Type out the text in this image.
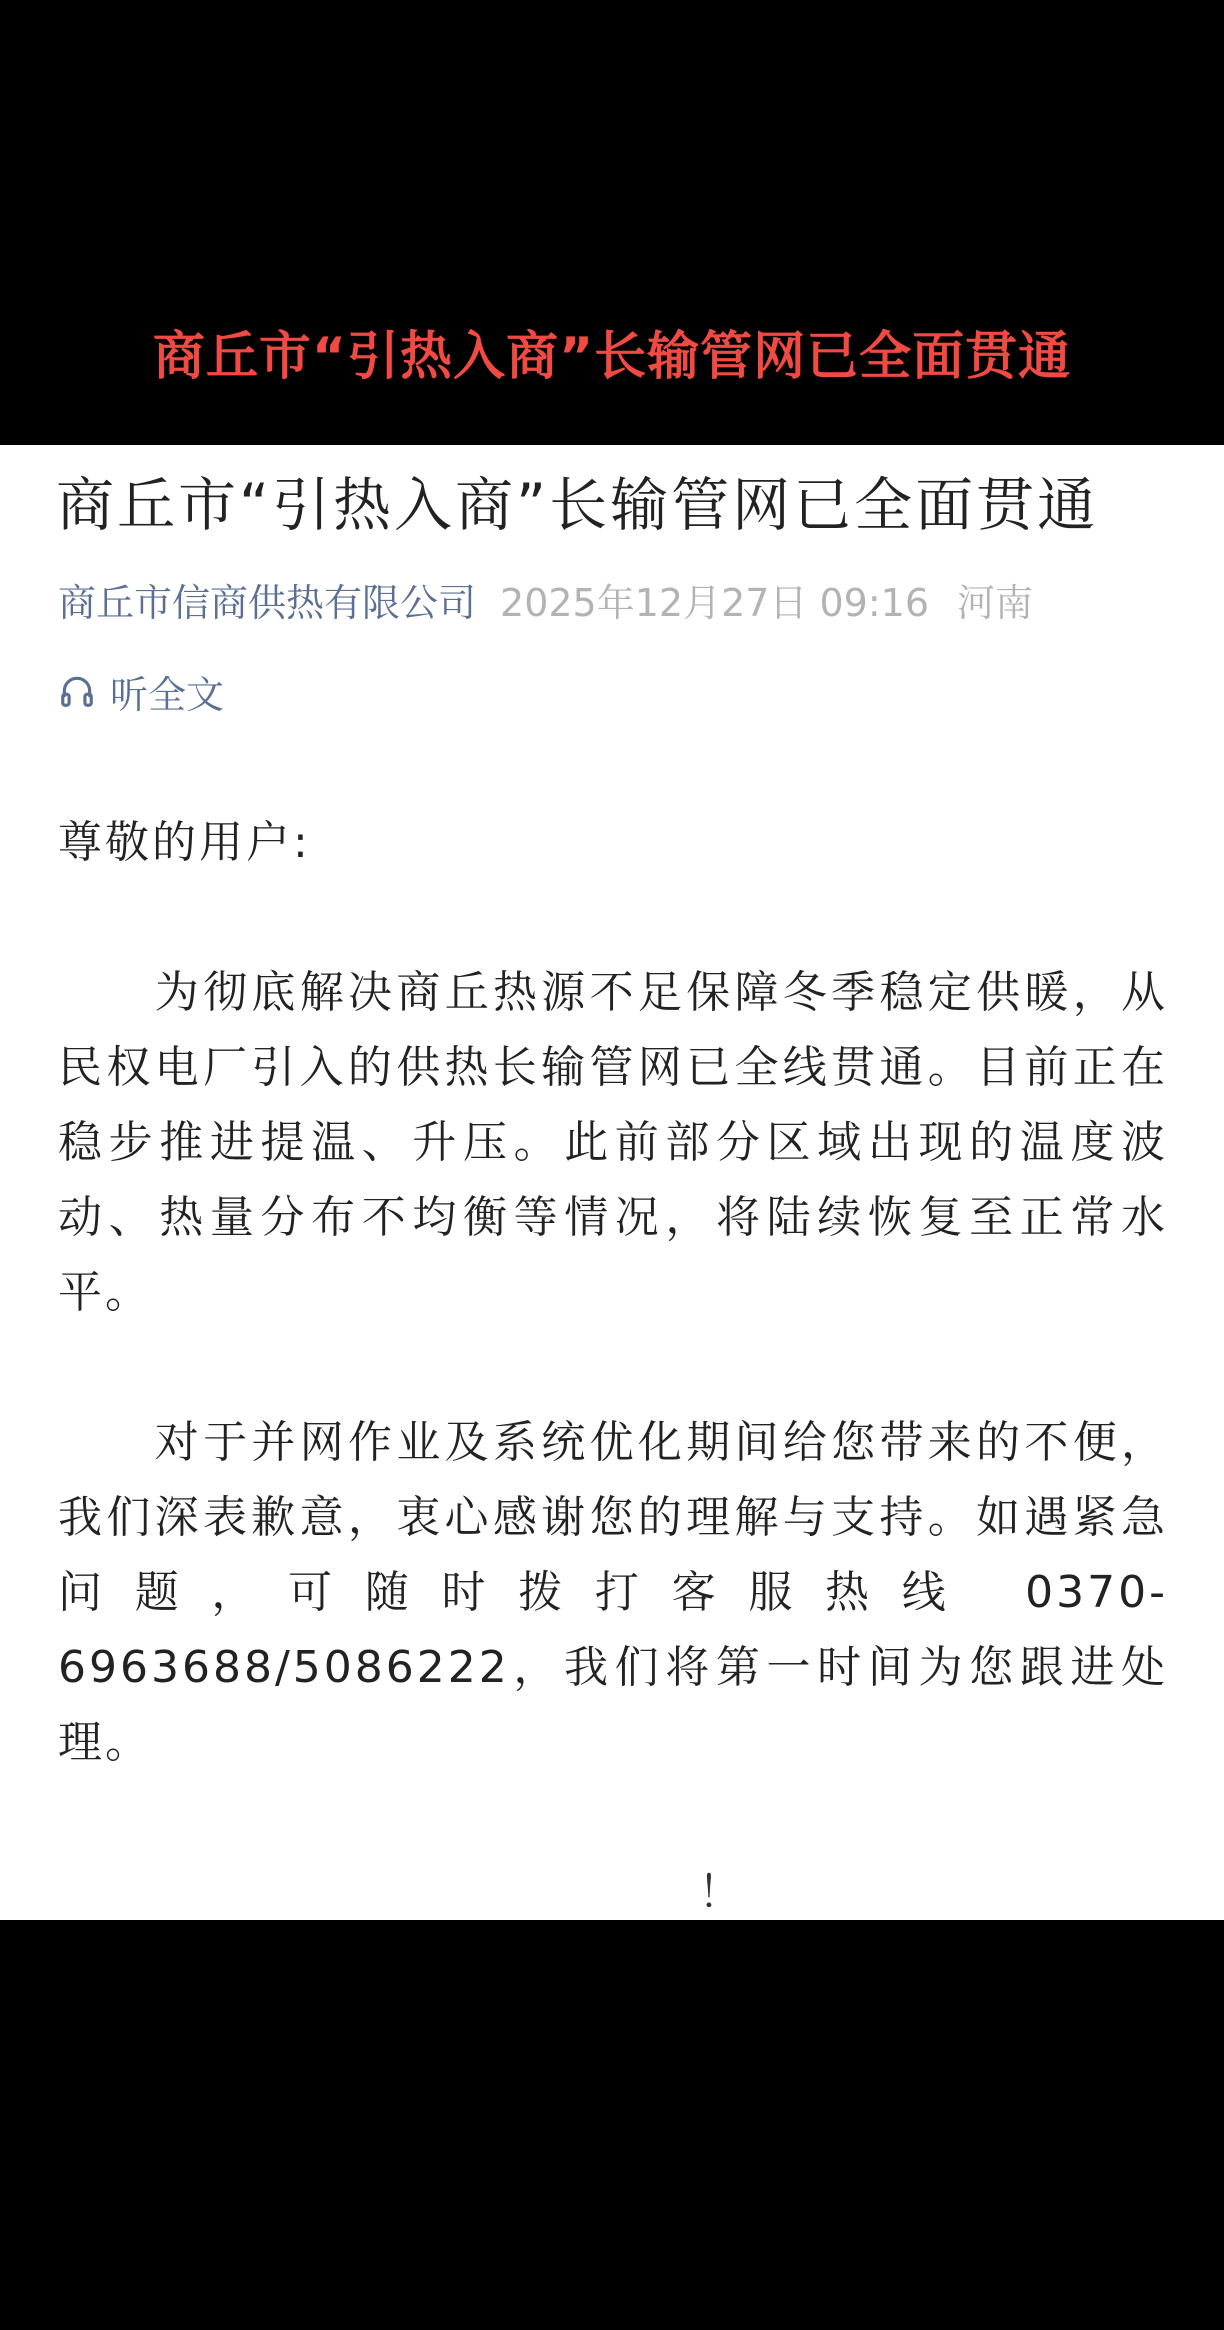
商丘市“引热入商”长输管网已全面贯通
商丘市“引热入商”长输管网已全面贯通
商丘市信商供热有限公司 2025年12月27日 09:16 河南
听全文

尊敬的用户:

为彻底解决商丘热源不足保障冬季稳定供暖，从民权电厂引入的供热长输管网已全线贯通。目前正在稳步推进提温、升压。此前部分区域出现的温度波动、热量分布不均衡等情况，将陆续恢复至正常水平。

对于并网作业及系统优化期间给您带来的不便，我们深表歉意，衷心感谢您的理解与支持。如遇紧急问题，可随时拨打客服热线 0370-6963688/5086222，我们将第一时间为您跟进处理。

！
